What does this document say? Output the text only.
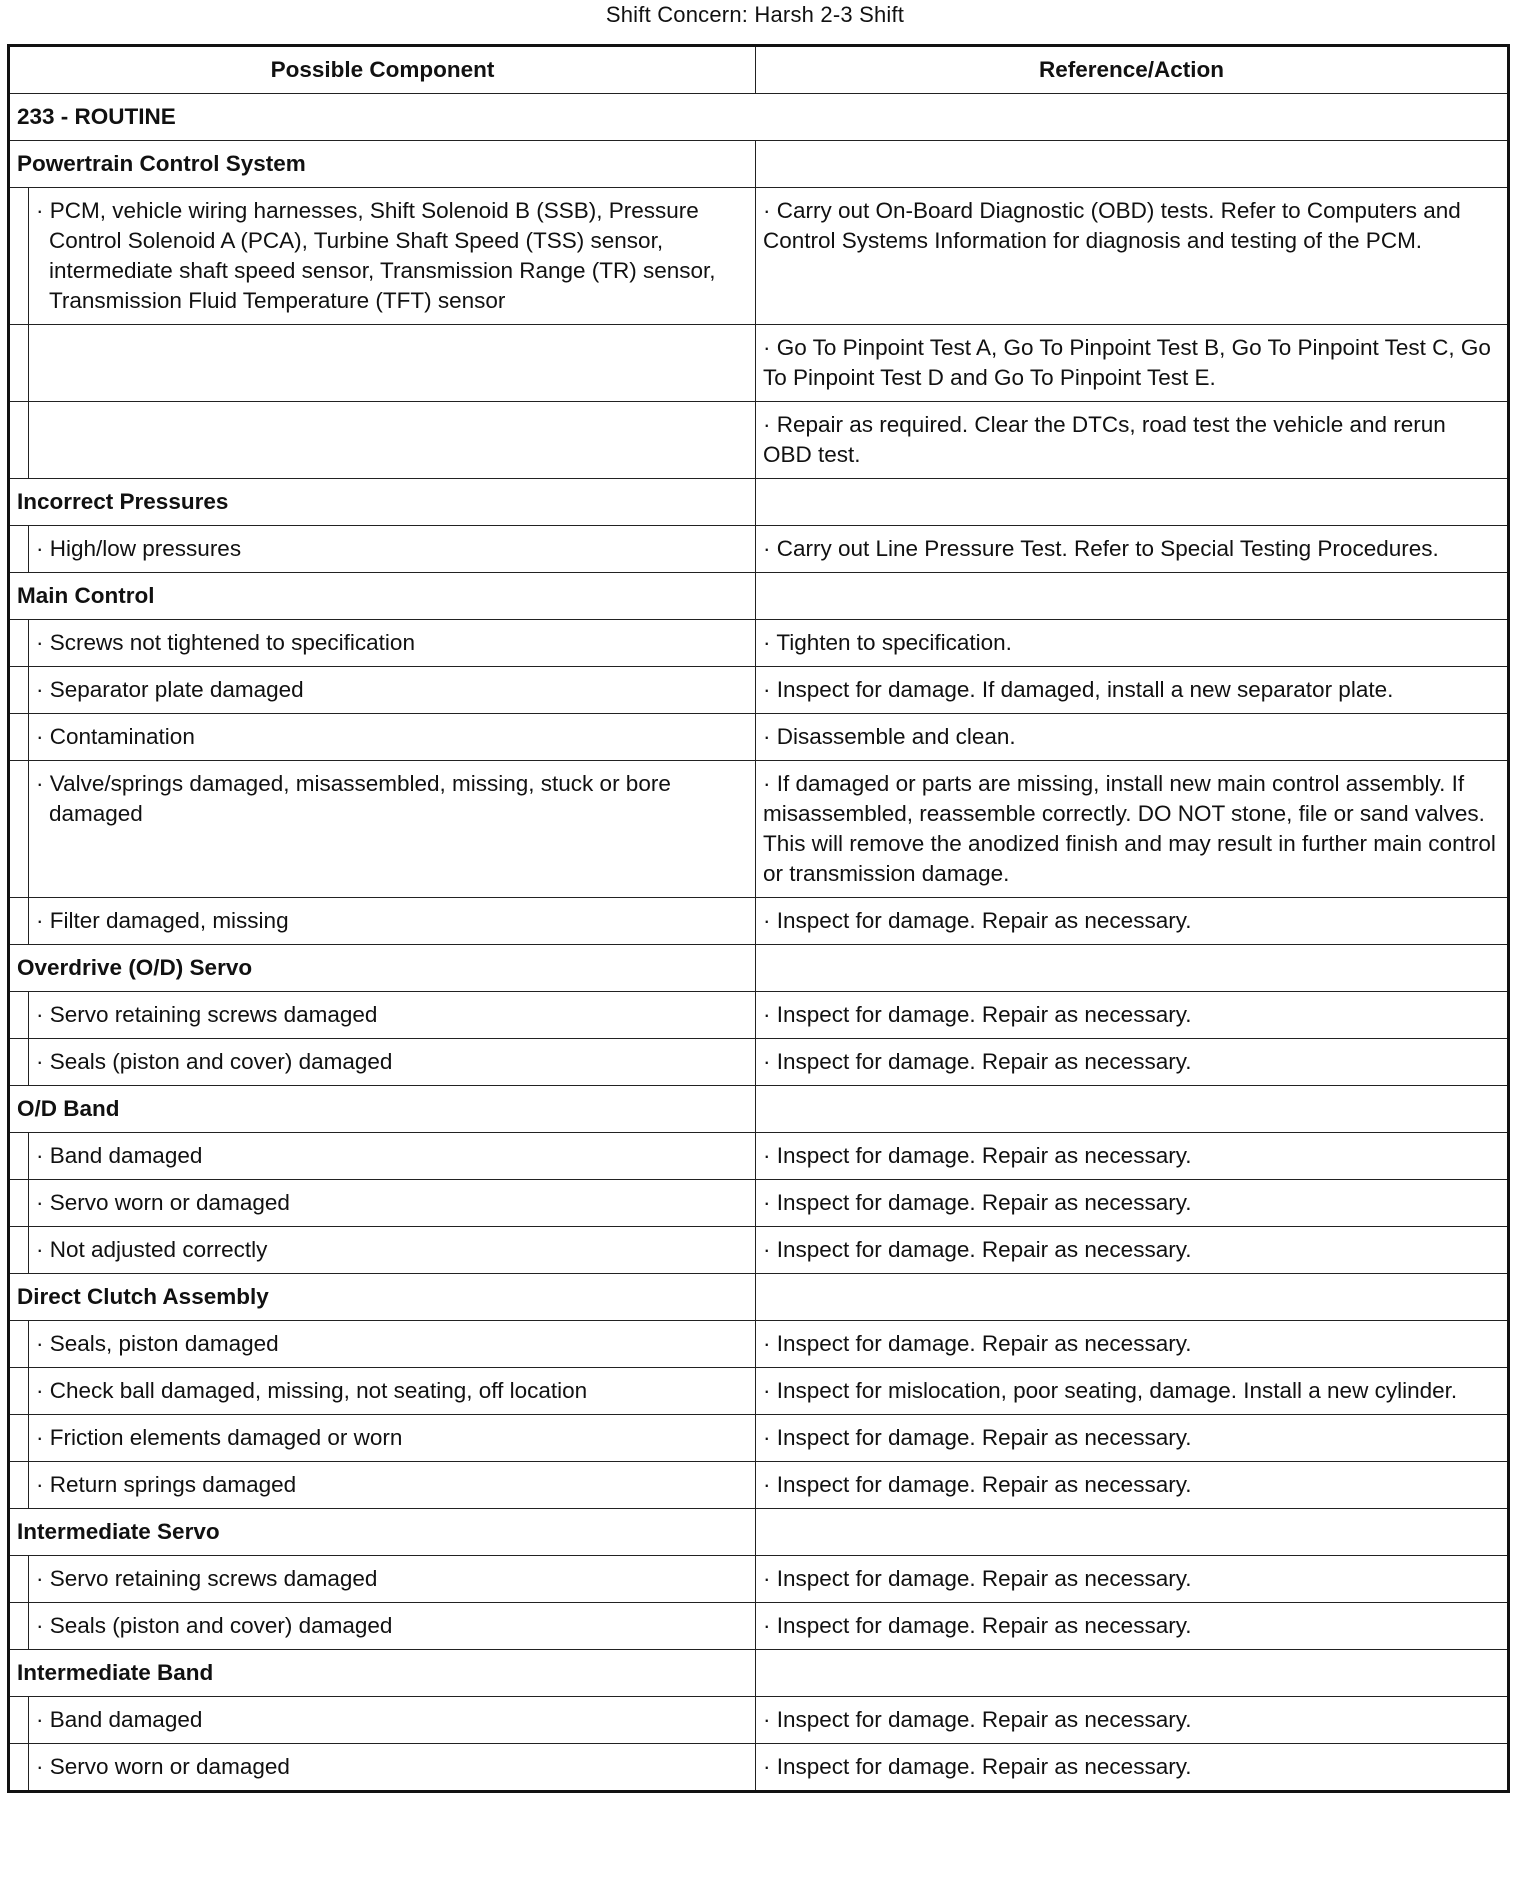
Shift Concern: Harsh 2-3 Shift
Possible Component		Reference/Action
233 - ROUTINE		
Powertrain Control System		

	· PCM, vehicle wiring harnesses, Shift Solenoid B (SSB), Pressure Control Solenoid A (PCA), Turbine Shaft Speed (TSS) sensor, intermediate shaft speed sensor, Transmission Range (TR) sensor, Transmission Fluid Temperature (TFT) sensor	· Carry out On-Board Diagnostic (OBD) tests. Refer to Computers and Control Systems Information for diagnosis and testing of the PCM.

	· Go To Pinpoint Test A, Go To Pinpoint Test B, Go To Pinpoint Test C, Go To Pinpoint Test D and Go To Pinpoint Test E.

	· Repair as required. Clear the DTCs, road test the vehicle and rerun OBD test.
Incorrect Pressures		

	· High/low pressures	· Carry out Line Pressure Test. Refer to Special Testing Procedures.
Main Control		

	· Screws not tightened to specification	· Tighten to specification.

	· Separator plate damaged	· Inspect for damage. If damaged, install a new separator plate.

	· Contamination	· Disassemble and clean.

	· Valve/springs damaged, misassembled, missing, stuck or bore damaged	· If damaged or parts are missing, install new main control assembly. If misassembled, reassemble correctly. DO NOT stone, file or sand valves. This will remove the anodized finish and may result in further main control or transmission damage.

	· Filter damaged, missing	· Inspect for damage. Repair as necessary.
Overdrive (O/D) Servo		

	· Servo retaining screws damaged	· Inspect for damage. Repair as necessary.

	· Seals (piston and cover) damaged	· Inspect for damage. Repair as necessary.
O/D Band		

	· Band damaged	· Inspect for damage. Repair as necessary.

	· Servo worn or damaged	· Inspect for damage. Repair as necessary.

	· Not adjusted correctly	· Inspect for damage. Repair as necessary.
Direct Clutch Assembly		

	· Seals, piston damaged	· Inspect for damage. Repair as necessary.

	· Check ball damaged, missing, not seating, off location	· Inspect for mislocation, poor seating, damage. Install a new cylinder.

	· Friction elements damaged or worn	· Inspect for damage. Repair as necessary.

	· Return springs damaged	· Inspect for damage. Repair as necessary.
Intermediate Servo		

	· Servo retaining screws damaged	· Inspect for damage. Repair as necessary.

	· Seals (piston and cover) damaged	· Inspect for damage. Repair as necessary.
Intermediate Band		

	· Band damaged	· Inspect for damage. Repair as necessary.

	· Servo worn or damaged	· Inspect for damage. Repair as necessary.
